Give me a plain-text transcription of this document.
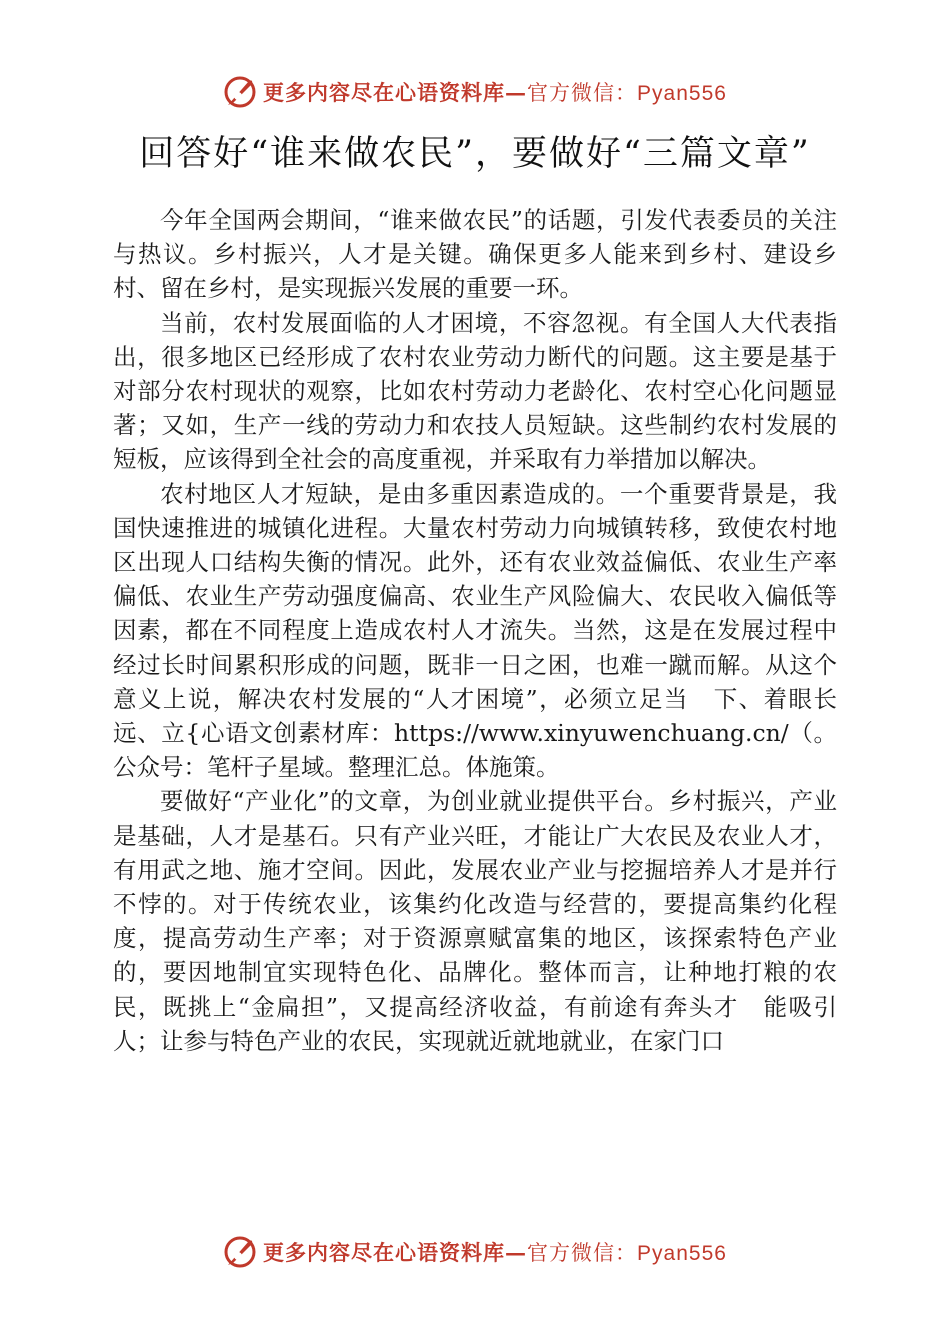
更多内容尽在心语资料库—官方微信：Pyan556
回答好“谁来做农民”，要做好“三篇文章”

今年全国两会期间，“谁来做农民”的话题，引发代表委员的关注与热议。乡村振兴，人才是关键。确保更多人能来到乡村、建设乡村、留在乡村，是实现振兴发展的重要一环。

当前，农村发展面临的人才困境，不容忽视。有全国人大代表指出，很多地区已经形成了农村农业劳动力断代的问题。这主要是基于对部分农村现状的观察，比如农村劳动力老龄化、农村空心化问题显著；又如，生产一线的劳动力和农技人员短缺。这些制约农村发展的短板，应该得到全社会的高度重视，并采取有力举措加以解决。

农村地区人才短缺，是由多重因素造成的。一个重要背景是，我国快速推进的城镇化进程。大量农村劳动力向城镇转移，致使农村地区出现人口结构失衡的情况。此外，还有农业效益偏低、农业生产率偏低、农业生产劳动强度偏高、农业生产风险偏大、农民收入偏低等因素，都在不同程度上造成农村人才流失。当然，这是在发展过程中经过长时间累积形成的问题，既非一日之困，也难一蹴而解。从这个意义上说，解决农村发展的“人才困境”，必须立足当　下、着眼长远、立{心语文创素材库：https://www.xinyuwenchuang.cn/（。公众号：笔杆子星域。整理汇总。体施策。

要做好“产业化”的文章，为创业就业提供平台。乡村振兴，产业是基础，人才是基石。只有产业兴旺，才能让广大农民及农业人才，有用武之地、施才空间。因此，发展农业产业与挖掘培养人才是并行不悖的。对于传统农业，该集约化改造与经营的，要提高集约化程度，提高劳动生产率；对于资源禀赋富集的地区，该探索特色产业的，要因地制宜实现特色化、品牌化。整体而言，让种地打粮的农民，既挑上“金扁担”，又提高经济收益，有前途有奔头才　能吸引人；让参与特色产业的农民，实现就近就地就业，在家门口

更多内容尽在心语资料库—官方微信：Pyan556
